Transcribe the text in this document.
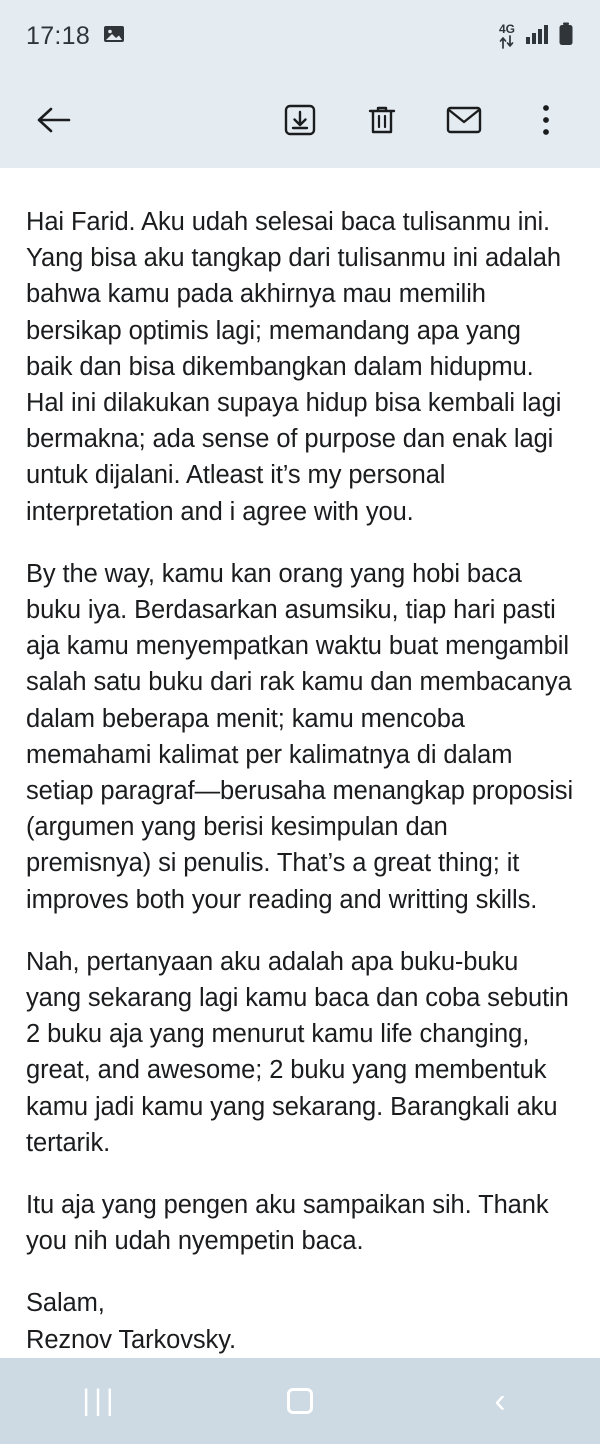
17:18	4G

Hai Farid. Aku udah selesai baca tulisanmu ini. Yang bisa aku tangkap dari tulisanmu ini adalah bahwa kamu pada akhirnya mau memilih bersikap optimis lagi; memandang apa yang baik dan bisa dikembangkan dalam hidupmu. Hal ini dilakukan supaya hidup bisa kembali lagi bermakna; ada sense of purpose dan enak lagi untuk dijalani. Atleast it’s my personal interpretation and i agree with you.

By the way, kamu kan orang yang hobi baca buku iya. Berdasarkan asumsiku, tiap hari pasti aja kamu menyempatkan waktu buat mengambil salah satu buku dari rak kamu dan membacanya dalam beberapa menit; kamu mencoba memahami kalimat per kalimatnya di dalam setiap paragraf—berusaha menangkap proposisi (argumen yang berisi kesimpulan dan premisnya) si penulis. That’s a great thing; it improves both your reading and writting skills.

Nah, pertanyaan aku adalah apa buku-buku yang sekarang lagi kamu baca dan coba sebutin 2 buku aja yang menurut kamu life changing, great, and awesome; 2 buku yang membentuk kamu jadi kamu yang sekarang. Barangkali aku tertarik.

Itu aja yang pengen aku sampaikan sih. Thank you nih udah nyempetin baca.

Salam,
Reznov Tarkovsky.

|||	‹
